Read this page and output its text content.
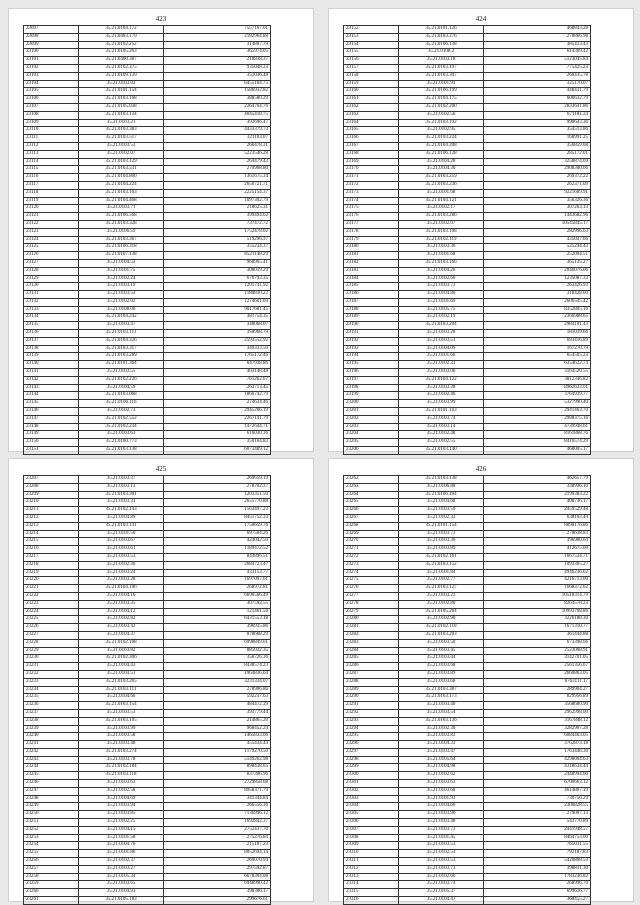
423
23097	35.21.0104.172	7557167.01
23098	35.21.0403.179	2182964.88
23099	35.21.0102.252	314807.79
23100	35.21.0105.263	365974.05
23101	35.21.0400.387	218838.37
23102	35.21.0102.375	935048.23
23103	35.21.0109.139	351036.48
23104	35.21.0103.03	6455164.75
23105	35.21.0101.154	1586932.82
23106	35.21.0103.168	388580.29
23107	35.21.0105.038	2264764.76
23108	35.21.0103.134	4045418.75
23109	35.21.0103.21	392696.47
23110	35.21.0103.383	4433379.73
23111	35.21.0103.517	321103.07
23112	35.21.0103.53	266478.31
23113	35.21.0102.07	5223546.28
23114	35.21.0103.129	264479.43
23115	35.21.0103.531	270908.80
23116	35.21.0104.800	1361675.34
23117	35.21.0104.224	2650721.71
23118	35.21.0103.103	2225154.37
23119	35.21.0104.468	1697302.79
23120	35.21.0103.71	218625.31
23121	35.21.0106.568	399494.62
23122	35.21.0103.328	737472.72
23123	35.21.0106.59	1752478.02
23124	35.21.0103.367	519296.37
23125	35.21.0106.318	355234.37
23126	35.21.0107.138	8521148.29
23127	35.21.0104.53	968965.41
23128	35.21.0101.75	308019.29
23129	35.21.0102.24	670793.35
23130	35.21.0103.19	1201741.92
23131	35.21.0103.53	1180830.22
23132	35.21.0102.02	1274601.69
23133	35.21.0108.06	9017681.45
23134	35.21.0104.242	381754.35
23135	35.21.0103.47	348068.07
23136	35.21.0103.111	358968.79
23137	35.21.0104.326	2593552.92
23138	35.21.0103.317	349333.50
23139	35.21.0103.289	1765172.46
23140	35.21.0101.364	647938.86
23141	35.21.0103.55	403148.48
23142	35.21.0102.226	761262.67
23143	35.21.0104.59	263713.45
23144	35.21.0103.068	1866742.79
23145	35.21.0106.116	274634.46
23146	35.21.0102.73	2945266.19
23147	35.21.0102.552	2267141.79
23148	35.21.0102.234	1472644.71
23149	35.21.0103.63	616030.36
23150	35.21.0100.773	350164.83
23151	35.21.0103.138	6073489.12
424
23152	35.21.0101.126	468843.28
23153	35.21.0103.276	278866.98
23154	35.21.0106.138	385413.43
23155	35.21.0108.2	614369.42
23156	35.21.0103.18	5123045.84
23157	35.21.0103.197	775425.23
23158	35.21.0103.307	260435.78
23159	35.21.0101.91	325170.07
23160	35.21.0106.199	448431.79
23161	35.21.0104.175	606632.79
23162	35.21.0102.200	2833641.86
23163	35.21.0102.56	671181.24
23164	35.21.0103.192	998643.36
23165	35.21.0102.95	354513.86
23166	35.21.0103.224	168991.25
23167	35.21.0104.208	356859.68
23168	35.21.0106.128	285172.01
23169	35.21.0104.28	3258874.69
23170	35.21.0104.30	2908300.06
23171	35.21.0103.259	269372.22
23172	35.21.0103.236	262371.09
23173	35.21.0101.68	9221689.91
23174	35.21.0104.121	356326.36
23175	35.21.0102.17	307263.13
23176	35.21.0103.286	1443682.96
23177	35.21.0102.07	10545845.17
23178	35.21.0103.108	282996.63
23179	35.21.0102.119	435047.66
23180	35.21.0103.36	525244.43
23181	35.21.0101.68	252004.51
23182	35.21.0103.166	365135.27
23183	35.21.0104.26	2046076.06
23184	35.21.0102.66	1235087.33
23185	35.21.0103.73	263426.93
23186	35.21.0104.80	318428.60
23187	35.21.0101.69	2606545.42
23188	35.21.0105.75	8352805.16
23189	35.21.0102.19	2366988.65
23190	35.21.0103.204	2984101.43
23191	35.21.0103.28	181039.66
23192	35.21.0103.51	693416.89
23193	35.21.0104.09	167270.79
23194	35.21.0101.66	654565.23
23195	35.21.0102.33	6354622.74
23196	35.21.0103.06	3164520.55
23197	35.21.0104.122	3812346.82
23198	35.21.0103.38	8962633.01
23199	35.21.0102.46	3764939.77
23200	35.21.0103.99	5327990.40
23201	35.21.0101.103	2941463.70
23202	35.21.0103.74	2988375.16
23203	35.21.0103.14	4739948.61
23204	35.21.0102.48	8161868.76
23205	35.21.0102.55	8416574.29
23206	35.21.0103.140	468005.17
425
23207	35.21.0103.37	269659.19
23208	35.21.0103.13	278702.37
23209	35.21.0103.301	1203351.50
23210	35.21.0103.31	2655770.88
23211	35.21.0102.143	1563497.23
23212	35.21.0104.89	8451752.33
23213	35.21.0103.141	1750659.76
23214	35.21.0101.50	697504.26
23215	35.21.0103.67	424042.50
23216	35.21.0103.61	1189472.52
23217	35.21.0103.53	843896.51
23218	35.21.0102.36	2684723.47
23219	35.21.0103.24	433153.77
23220	35.21.0103.28	1697097.61
23221	35.21.0104.106	268972.81
23222	35.21.0104.16	6696566.49
23223	35.21.0103.35	307593.55
23224	35.21.0104.12	121461.56
23225	35.21.0102.82	6431553.18
23226	35.21.0103.42	396935.86
23227	35.21.0104.37	878668.29
23228	35.21.0102.108	6998849.61
23229	35.21.0103.82	885022.35
23230	35.21.0102.306	358726.36
23231	35.21.0104.43	8438574.23
23232	35.21.0104.51	1964836.64
23233	35.21.0103.205	3231334.07
23234	35.21.0103.111	278906.86
23235	35.21.0104.66	592237.63
23236	35.21.0103.154	484472.39
23237	35.21.0103.53	393779.44
23238	35.21.0103.105	214865.20
23239	35.21.0103.99	968452.24
23240	35.21.0103.58	1465833.06
23241	35.21.0103.48	455434.44
23242	35.21.0103.274	1179270.50
23243	35.21.0103.78	5149262.98
23244	35.21.0102.184	898438.65
23245	35.21.0103.118	837306.96
23246	35.21.0103.63	2729858.68
23247	35.21.0102.58	8958371.79
23248	35.21.0104.69	341344.84
23249	35.21.0103.94	266556.36
23250	35.21.0103.85	7136996.12
23251	35.21.0102.25	1692842.37
23252	35.21.0104.15	2752437.70
23253	35.21.0101.58	275276.84
23254	35.21.0104.76	215187.23
23255	35.21.0101.86	8052694.14
23256	35.21.0102.37	269070.94
23257	35.21.0103.27	297592.87
23258	35.21.0105.34	6678304.08
23259	35.21.0103.65	6948990.42
23260	35.21.0104.93	398306.17
23261	35.21.0105.183	299676.61
426
23262	35.21.0103.138	462657.79
23263	35.21.0106.88	338936.10
23264	35.21.0106.194	2199383.22
23265	35.21.0104.68	408736.17
23266	35.21.0103.59	2459529.48
23267	35.21.0102.33	638163.44
23268	35.21.0101.154	8890176.86
23269	35.21.0103.73	278638.83
23270	35.21.0103.36	396980.64
23271	35.21.0103.89	412675.60
23272	35.21.0102.161	1667534.71
23273	35.21.0103.152	1093305.27
23274	35.21.0101.84	4946236.62
23275	35.21.0102.77	4216713.00
23276	35.21.0103.127	1668372.62
23277	35.21.0103.23	10518314.79
23278	35.21.0102.80	8264578.23
23279	35.21.0105.204	10993798.86
23280	35.21.0102.90	3226188.30
23281	35.21.0102.110	1671310.77
23282	35.21.0103.203	361444.88
23283	35.21.0103.50	673398.66
23284	35.21.0103.45	2523068.91
23285	35.21.0103.44	3142701.05
23286	35.21.0103.68	2561356.67
23287	35.21.0103.89	2660863.05
23288	35.21.0103.68	8763111.17
23289	35.21.0103.387	289904.27
23290	35.21.0103.173	829956.89
23291	35.21.0103.40	3568680.90
23292	35.21.0103.54	2962998.00
23293	35.21.0103.136	3167848.12
23294	35.21.0102.30	3282907.28
23295	35.21.0103.83	6084463.05
23296	35.21.0104.33	3762873.18
23297	35.21.0103.47	1763446.30
23298	35.21.0105.64	4298064.63
23299	35.21.0104.98	4318634.44
23300	35.21.0102.62	2448994.00
23301	35.21.0103.63	6700663.12
23302	35.21.0103.68	4614807.19
23303	35.21.0101.93	730756.29
23304	35.21.0104.60	2306828.55
23305	35.21.0103.96	279007.13
23306	35.21.0103.48	543770.89
23307	35.21.0103.73	2441948.57
23308	35.21.0101.45	8464753.00
23309	35.21.0103.53	765031.55
23310	35.21.0102.53	792187.83
23311	35.21.0103.53	5420808.53
23312	35.21.0103.73	398831.30
23313	35.21.0102.66	1783236.82
23314	35.21.0103.74	268996.70
23315	35.21.0105.37	699616.77
23316	35.21.0104.47	368455.27
